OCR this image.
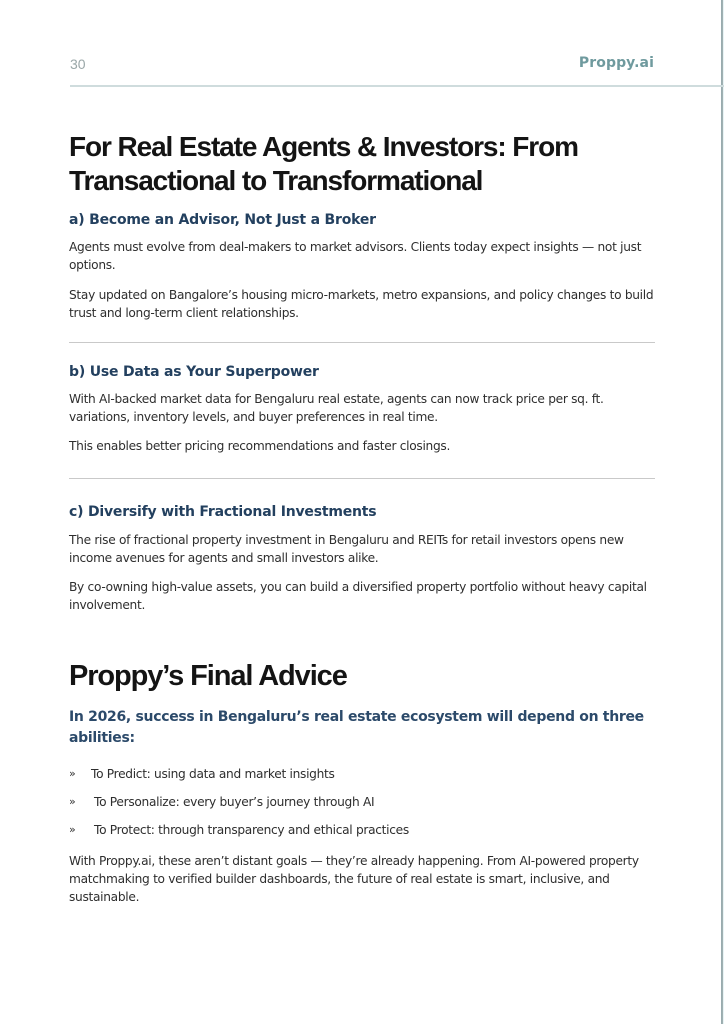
30	Proppy.ai
For Real Estate Agents & Investors: From Transactional to Transformational
a) Become an Advisor, Not Just a Broker

Agents must evolve from deal-makers to market advisors. Clients today expect insights — not just options.

Stay updated on Bangalore’s housing micro-markets, metro expansions, and policy changes to build trust and long-term client relationships.

b) Use Data as Your Superpower

With AI-backed market data for Bengaluru real estate, agents can now track price per sq. ft. variations, inventory levels, and buyer preferences in real time.

This enables better pricing recommendations and faster closings.

c) Diversify with Fractional Investments

The rise of fractional property investment in Bengaluru and REITs for retail investors opens new income avenues for agents and small investors alike.

By co-owning high-value assets, you can build a diversified property portfolio without heavy capital involvement.

Proppy’s Final Advice

In 2026, success in Bengaluru’s real estate ecosystem will depend on three abilities:

» To Predict: using data and market insights
» To Personalize: every buyer’s journey through AI
» To Protect: through transparency and ethical practices

With Proppy.ai, these aren’t distant goals — they’re already happening. From AI-powered property matchmaking to verified builder dashboards, the future of real estate is smart, inclusive, and sustainable.
